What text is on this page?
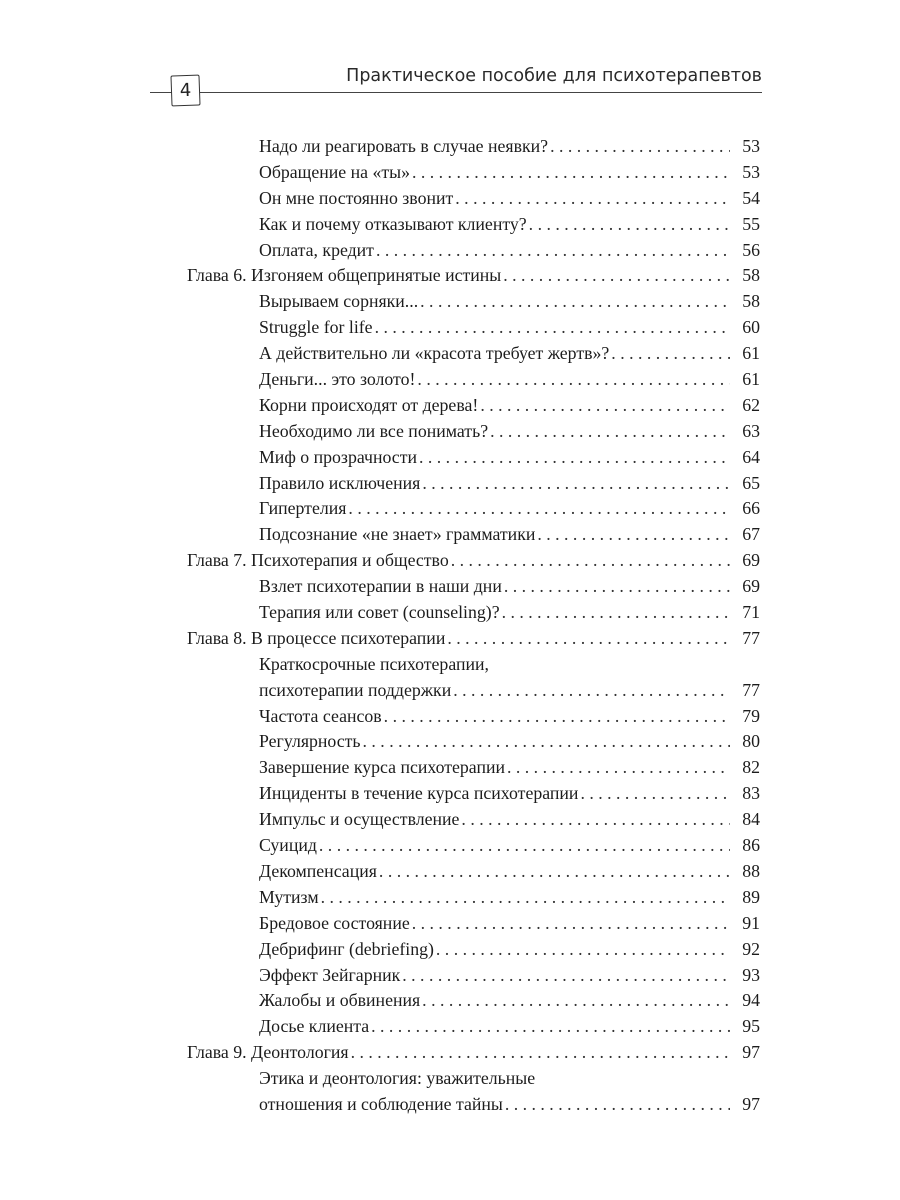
4
Практическое пособие для психотерапевтов
Надо ли реагировать в случае неявки? . . .	53
Обращение на «ты» . . .	53
Он мне постоянно звонит . . .	54
Как и почему отказывают клиенту? . . .	55
Оплата, кредит . . .	56
Глава 6. Изгоняем общепринятые истины . . .	58
Вырываем сорняки... . . .	58
Struggle for life . . .	60
А действительно ли «красота требует жертв»? . . .	61
Деньги... это золото! . . .	61
Корни происходят от дерева! . . .	62
Необходимо ли все понимать? . . .	63
Миф о прозрачности . . .	64
Правило исключения . . .	65
Гипертелия . . .	66
Подсознание «не знает» грамматики . . .	67
Глава 7. Психотерапия и общество . . .	69
Взлет психотерапии в наши дни . . .	69
Терапия или совет (counseling)? . . .	71
Глава 8. В процессе психотерапии . . .	77
Краткосрочные психотерапии,
психотерапии поддержки . . .	77
Частота сеансов . . .	79
Регулярность . . .	80
Завершение курса психотерапии . . .	82
Инциденты в течение курса психотерапии . . .	83
Импульс и осуществление . . .	84
Суицид . . .	86
Декомпенсация . . .	88
Мутизм . . .	89
Бредовое состояние . . .	91
Дебрифинг (debriefing) . . .	92
Эффект Зейгарник . . .	93
Жалобы и обвинения . . .	94
Досье клиента . . .	95
Глава 9. Деонтология . . .	97
Этика и деонтология: уважительные
отношения и соблюдение тайны . . .	97
